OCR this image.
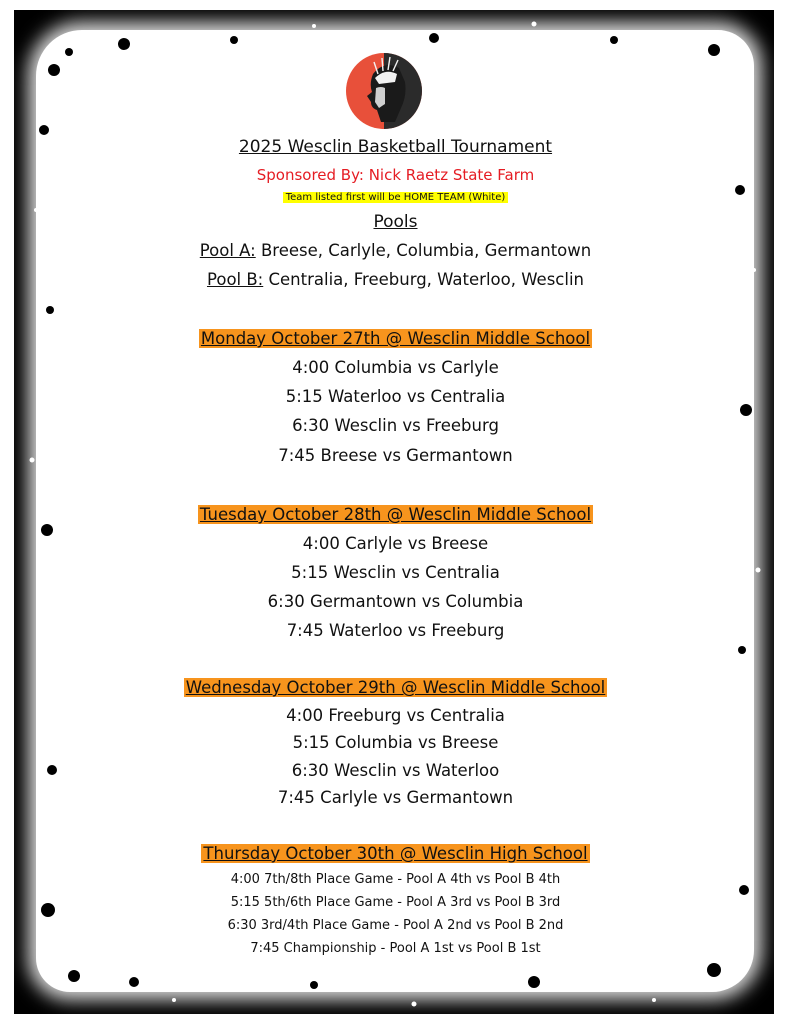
2025 Wesclin Basketball Tournament
Sponsored By: Nick Raetz State Farm
Team listed first will be HOME TEAM (White)
Pools
Pool A: Breese, Carlyle, Columbia, Germantown
Pool B: Centralia, Freeburg, Waterloo, Wesclin
Monday October 27th @ Wesclin Middle School
4:00 Columbia vs Carlyle
5:15 Waterloo vs Centralia
6:30 Wesclin vs Freeburg
7:45 Breese vs Germantown
Tuesday October 28th @ Wesclin Middle School
4:00 Carlyle vs Breese
5:15 Wesclin vs Centralia
6:30 Germantown vs Columbia
7:45 Waterloo vs Freeburg
Wednesday October 29th @ Wesclin Middle School
4:00 Freeburg vs Centralia
5:15 Columbia vs Breese
6:30 Wesclin vs Waterloo
7:45 Carlyle vs Germantown
Thursday October 30th @ Wesclin High School
4:00 7th/8th Place Game - Pool A 4th vs Pool B 4th
5:15 5th/6th Place Game - Pool A 3rd vs Pool B 3rd
6:30 3rd/4th Place Game - Pool A 2nd vs Pool B 2nd
7:45 Championship - Pool A 1st vs Pool B 1st
